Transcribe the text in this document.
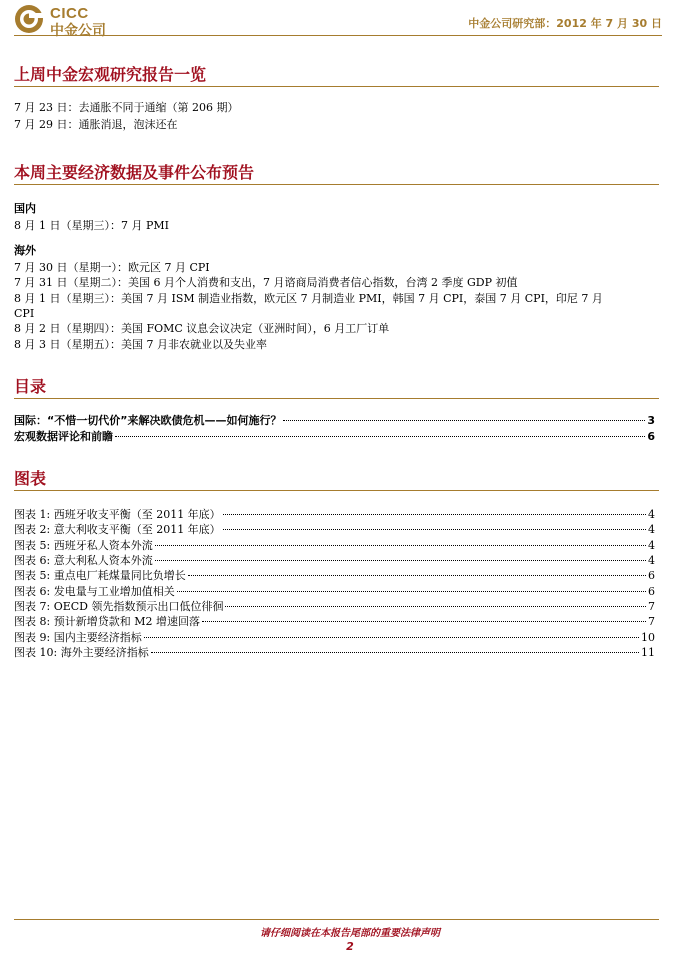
CICC
中金公司	中金公司研究部：2012 年 7 月 30 日
上周中金宏观研究报告一览
7 月 23 日：去通胀不同于通缩（第 206 期）
7 月 29 日：通胀消退，泡沫还在
本周主要经济数据及事件公布预告
国内
8 月 1 日（星期三）：7 月 PMI
海外
7 月 30 日（星期一）：欧元区 7 月 CPI
7 月 31 日（星期二）：美国 6 月个人消费和支出，7 月谘商局消费者信心指数，台湾 2 季度 GDP 初值
8 月 1 日（星期三）：美国 7 月 ISM 制造业指数，欧元区 7 月制造业 PMI，韩国 7 月 CPI，泰国 7 月 CPI，印尼 7 月
CPI
8 月 2 日（星期四）：美国 FOMC 议息会议决定（亚洲时间），6 月工厂订单
8 月 3 日（星期五）：美国 7 月非农就业以及失业率
目录
国际：“不惜一切代价”来解决欧债危机——如何施行？	3
宏观数据评论和前瞻	6
图表
图表 1: 西班牙收支平衡（至 2011 年底）	4
图表 2: 意大利收支平衡（至 2011 年底）	4
图表 5: 西班牙私人资本外流	4
图表 6: 意大利私人资本外流	4
图表 5: 重点电厂耗煤量同比负增长	6
图表 6: 发电量与工业增加值相关	6
图表 7: OECD 领先指数预示出口低位徘徊	7
图表 8: 预计新增贷款和 M2 增速回落	7
图表 9: 国内主要经济指标	10
图表 10: 海外主要经济指标	11
请仔细阅读在本报告尾部的重要法律声明
2
